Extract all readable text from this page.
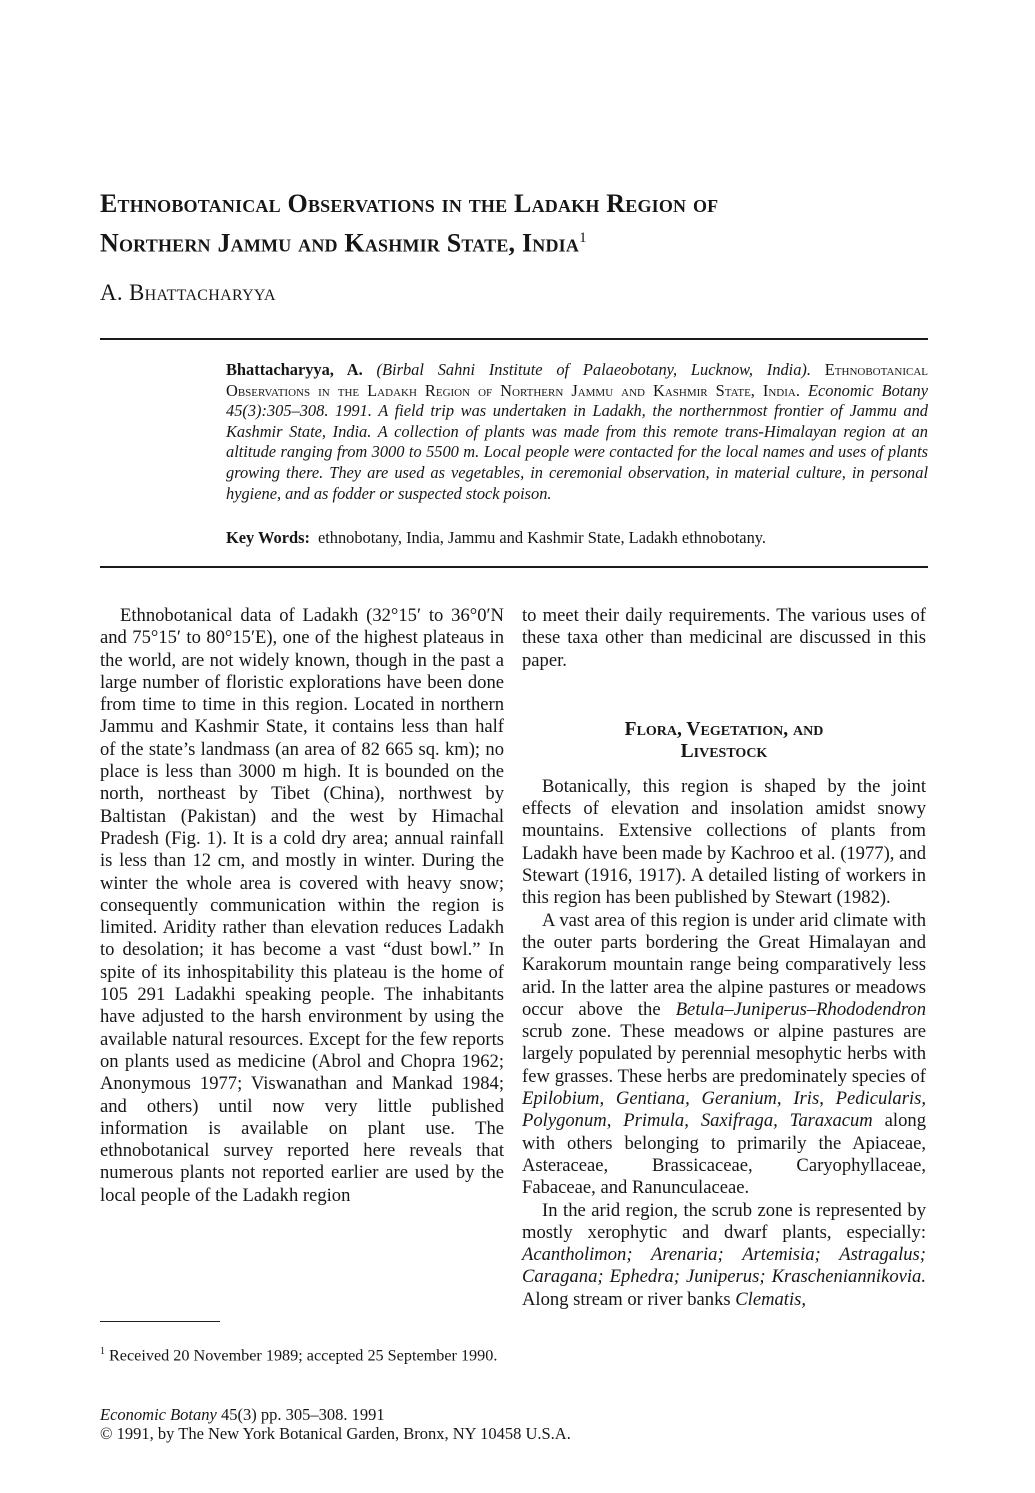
Ethnobotanical Observations in the Ladakh Region of
Northern Jammu and Kashmir State, India$^1$
A. Bhattacharyya
Bhattacharyya, A. (Birbal Sahni Institute of Palaeobotany, Lucknow, India). Ethnobotanical Observations in the Ladakh Region of Northern Jammu and Kashmir State, India. Economic Botany 45(3):305–308. 1991. A field trip was undertaken in Ladakh, the northernmost frontier of Jammu and Kashmir State, India. A collection of plants was made from this remote trans-Himalayan region at an altitude ranging from 3000 to 5500 m. Local people were contacted for the local names and uses of plants growing there. They are used as vegetables, in ceremonial observation, in material culture, in personal hygiene, and as fodder or suspected stock poison.
Key Words: ethnobotany, India, Jammu and Kashmir State, Ladakh ethnobotany.

Ethnobotanical data of Ladakh (32°15′ to 36°0′N and 75°15′ to 80°15′E), one of the highest plateaus in the world, are not widely known, though in the past a large number of floristic explorations have been done from time to time in this region. Located in northern Jammu and Kashmir State, it contains less than half of the state’s landmass (an area of 82 665 sq. km); no place is less than 3000 m high. It is bounded on the north, northeast by Tibet (China), northwest by Baltistan (Pakistan) and the west by Himachal Pradesh (Fig. 1). It is a cold dry area; annual rainfall is less than 12 cm, and mostly in winter. During the winter the whole area is covered with heavy snow; consequently communication within the region is limited. Aridity rather than elevation reduces Ladakh to desolation; it has become a vast “dust bowl.” In spite of its inhospitability this plateau is the home of 105 291 Ladakhi speaking people. The inhabitants have adjusted to the harsh environment by using the available natural resources. Except for the few reports on plants used as medicine (Abrol and Chopra 1962; Anonymous 1977; Viswanathan and Mankad 1984; and others) until now very little published information is available on plant use. The ethnobotanical survey reported here reveals that numerous plants not reported earlier are used by the local people of the Ladakh region

to meet their daily requirements. The various uses of these taxa other than medicinal are discussed in this paper.

Flora, Vegetation, and
Livestock

Botanically, this region is shaped by the joint effects of elevation and insolation amidst snowy mountains. Extensive collections of plants from Ladakh have been made by Kachroo et al. (1977), and Stewart (1916, 1917). A detailed listing of workers in this region has been published by Stewart (1982).

A vast area of this region is under arid climate with the outer parts bordering the Great Himalayan and Karakorum mountain range being comparatively less arid. In the latter area the alpine pastures or meadows occur above the Betula–Juniperus–Rhododendron scrub zone. These meadows or alpine pastures are largely populated by perennial mesophytic herbs with few grasses. These herbs are predominately species of Epilobium, Gentiana, Geranium, Iris, Pedicularis, Polygonum, Primula, Saxifraga, Taraxacum along with others belonging to primarily the Apiaceae, Asteraceae, Brassicaceae, Caryophyllaceae, Fabaceae, and Ranunculaceae.

In the arid region, the scrub zone is represented by mostly xerophytic and dwarf plants, especially: Acantholimon; Arenaria; Artemisia; Astragalus; Caragana; Ephedra; Juniperus; Krascheniannikovia. Along stream or river banks Clematis,

$^1$ Received 20 November 1989; accepted 25 September 1990.
Economic Botany 45(3) pp. 305–308. 1991
© 1991, by The New York Botanical Garden, Bronx, NY 10458 U.S.A.
